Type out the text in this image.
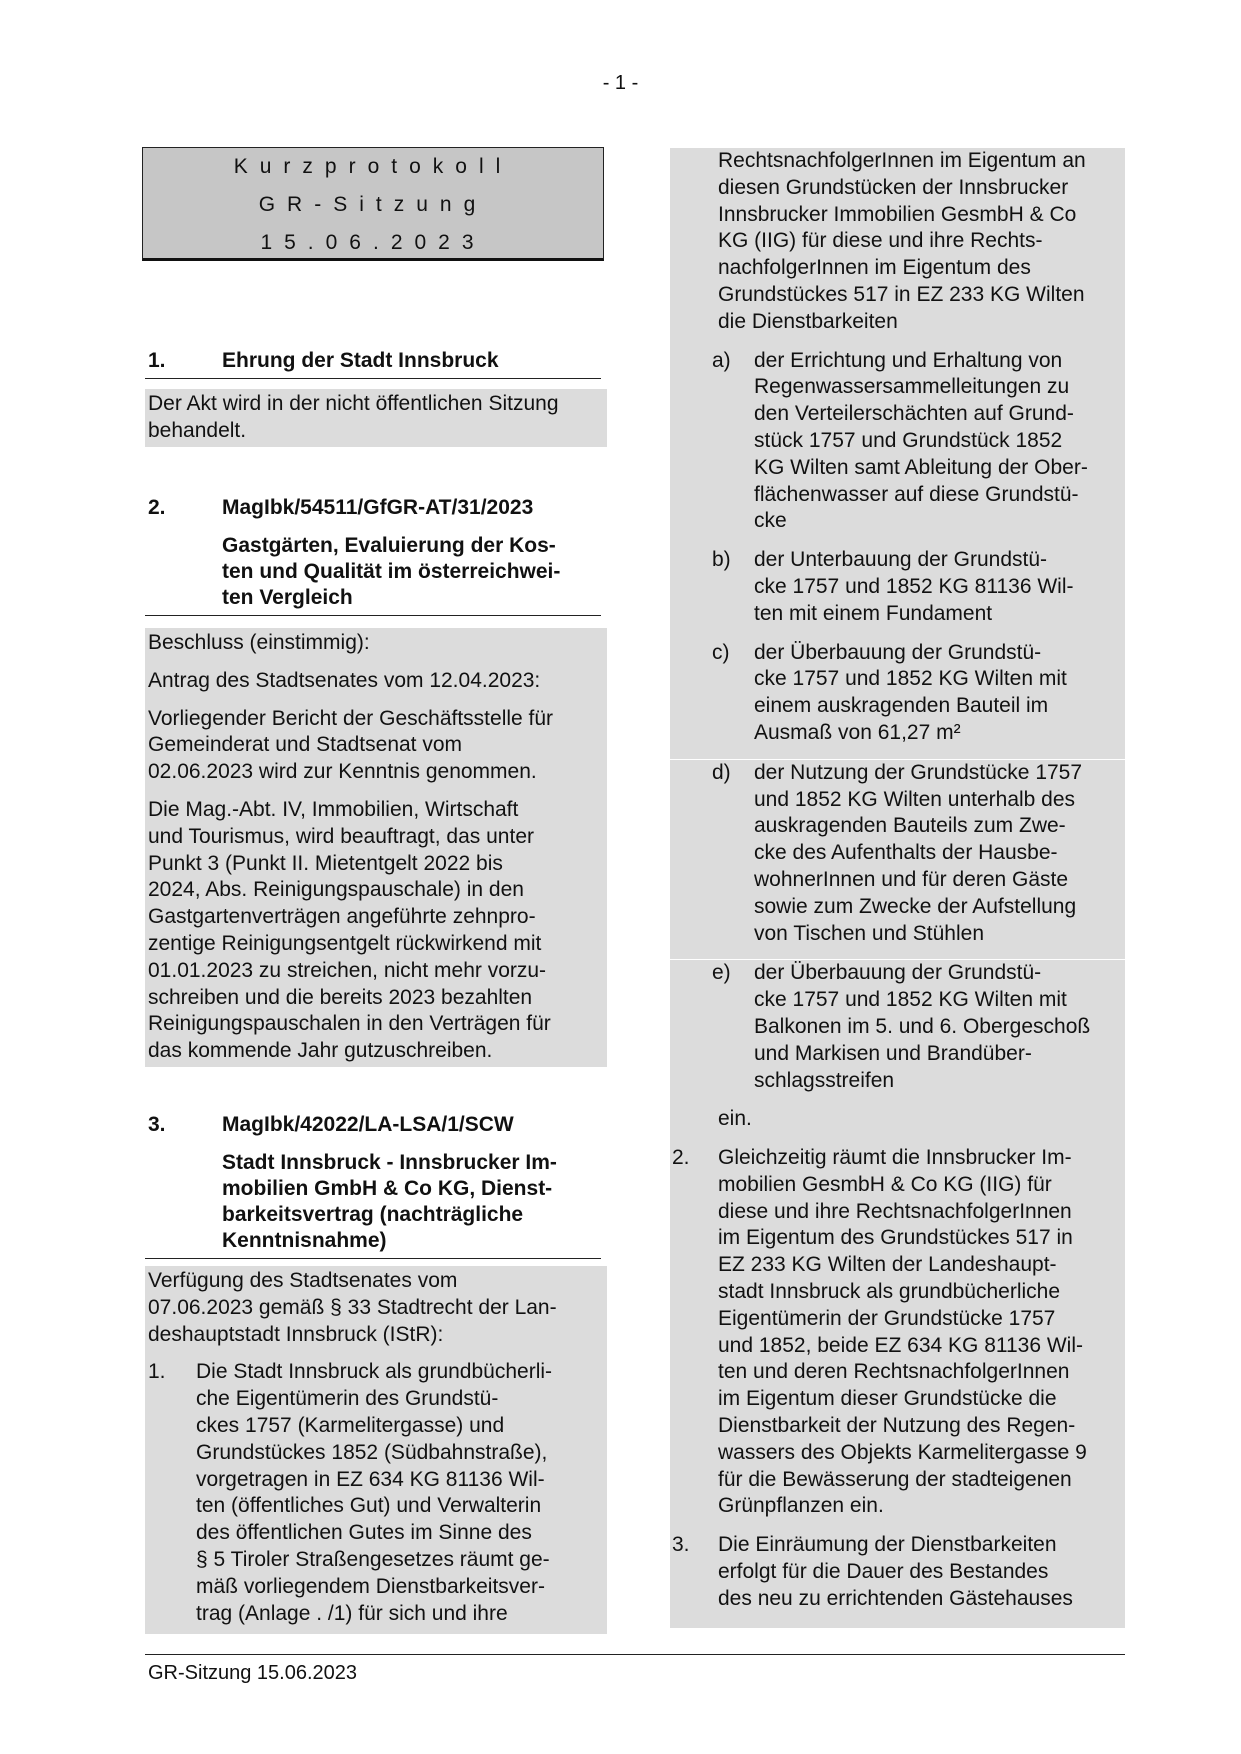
- 1 -
Kurzprotokoll
GR-Sitzung
15.06.2023
1.	Ehrung der Stadt Innsbruck

Der Akt wird in der nicht öffentlichen Sitzung
behandelt.

2.	MagIbk/54511/GfGR-AT/31/2023
Gastgärten, Evaluierung der Kos-
ten und Qualität im österreichwei-
ten Vergleich

Beschluss (einstimmig):

Antrag des Stadtsenates vom 12.04.2023:

Vorliegender Bericht der Geschäftsstelle für
Gemeinderat und Stadtsenat vom
02.06.2023 wird zur Kenntnis genommen.

Die Mag.-Abt. IV, Immobilien, Wirtschaft
und Tourismus, wird beauftragt, das unter
Punkt 3 (Punkt II. Mietentgelt 2022 bis
2024, Abs. Reinigungspauschale) in den
Gastgartenverträgen angeführte zehnpro-
zentige Reinigungsentgelt rückwirkend mit
01.01.2023 zu streichen, nicht mehr vorzu-
schreiben und die bereits 2023 bezahlten
Reinigungspauschalen in den Verträgen für
das kommende Jahr gutzuschreiben.

3.	MagIbk/42022/LA-LSA/1/SCW
Stadt Innsbruck - Innsbrucker Im-
mobilien GmbH & Co KG, Dienst-
barkeitsvertrag (nachträgliche
Kenntnisnahme)

Verfügung des Stadtsenates vom
07.06.2023 gemäß § 33 Stadtrecht der Lan-
deshauptstadt Innsbruck (IStR):

1. Die Stadt Innsbruck als grundbücherli-
che Eigentümerin des Grundstü-
ckes 1757 (Karmelitergasse) und
Grundstückes 1852 (Südbahnstraße),
vorgetragen in EZ 634 KG 81136 Wil-
ten (öffentliches Gut) und Verwalterin
des öffentlichen Gutes im Sinne des
§ 5 Tiroler Straßengesetzes räumt ge-
mäß vorliegendem Dienstbarkeitsver-
trag (Anlage . /1) für sich und ihre

RechtsnachfolgerInnen im Eigentum an
diesen Grundstücken der Innsbrucker
Innsbrucker Immobilien GesmbH & Co
KG (IIG) für diese und ihre Rechts-
nachfolgerInnen im Eigentum des
Grundstückes 517 in EZ 233 KG Wilten
die Dienstbarkeiten
a) der Errichtung und Erhaltung von
Regenwassersammelleitungen zu
den Verteilerschächten auf Grund-
stück 1757 und Grundstück 1852
KG Wilten samt Ableitung der Ober-
flächenwasser auf diese Grundstü-
cke
b) der Unterbauung der Grundstü-
cke 1757 und 1852 KG 81136 Wil-
ten mit einem Fundament
c) der Überbauung der Grundstü-
cke 1757 und 1852 KG Wilten mit
einem auskragenden Bauteil im
Ausmaß von 61,27 m²
d) der Nutzung der Grundstücke 1757
und 1852 KG Wilten unterhalb des
auskragenden Bauteils zum Zwe-
cke des Aufenthalts der Hausbe-
wohnerInnen und für deren Gäste
sowie zum Zwecke der Aufstellung
von Tischen und Stühlen
e) der Überbauung der Grundstü-
cke 1757 und 1852 KG Wilten mit
Balkonen im 5. und 6. Obergeschoß
und Markisen und Brandüber-
schlagsstreifen
ein.
2. Gleichzeitig räumt die Innsbrucker Im-
mobilien GesmbH & Co KG (IIG) für
diese und ihre RechtsnachfolgerInnen
im Eigentum des Grundstückes 517 in
EZ 233 KG Wilten der Landeshaupt-
stadt Innsbruck als grundbücherliche
Eigentümerin der Grundstücke 1757
und 1852, beide EZ 634 KG 81136 Wil-
ten und deren RechtsnachfolgerInnen
im Eigentum dieser Grundstücke die
Dienstbarkeit der Nutzung des Regen-
wassers des Objekts Karmelitergasse 9
für die Bewässerung der stadteigenen
Grünpflanzen ein.
3. Die Einräumung der Dienstbarkeiten
erfolgt für die Dauer des Bestandes
des neu zu errichtenden Gästehauses
GR-Sitzung 15.06.2023
